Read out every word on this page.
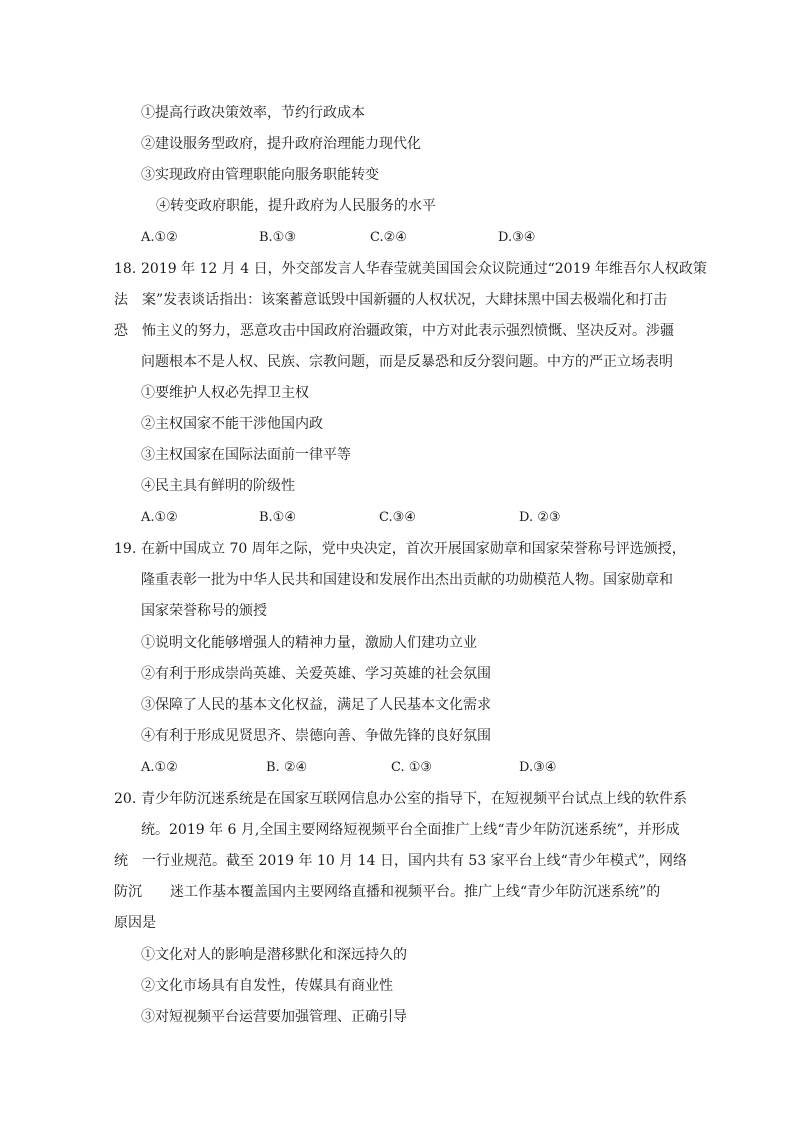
①提高行政决策效率，节约行政成本
②建设服务型政府，提升政府治理能力现代化
③实现政府由管理职能向服务职能转变
④转变政府职能，提升政府为人民服务的水平
A.①②	B.①③	C.②④	D.③④
18. 2019 年 12 月 4 日，外交部发言人华春莹就美国国会众议院通过“2019 年维吾尔人权政策
法　案”发表谈话指出：该案蓄意诋毁中国新疆的人权状况，大肆抹黑中国去极端化和打击
恐　怖主义的努力，恶意攻击中国政府治疆政策，中方对此表示强烈愤慨、坚决反对。涉疆
问题根本不是人权、民族、宗教问题，而是反暴恐和反分裂问题。中方的严正立场表明
①要维护人权必先捍卫主权
②主权国家不能干涉他国内政
③主权国家在国际法面前一律平等
④民主具有鲜明的阶级性
A.①②	B.①④	C.③④	D. ②③
19. 在新中国成立 70 周年之际，党中央决定，首次开展国家勋章和国家荣誉称号评选颁授，
隆重表彰一批为中华人民共和国建设和发展作出杰出贡献的功勋模范人物。国家勋章和
国家荣誉称号的颁授
①说明文化能够增强人的精神力量，激励人们建功立业
②有利于形成崇尚英雄、关爱英雄、学习英雄的社会氛围
③保障了人民的基本文化权益，满足了人民基本文化需求
④有利于形成见贤思齐、崇德向善、争做先锋的良好氛围
A.①②	B. ②④	C. ①③	D.③④
20. 青少年防沉迷系统是在国家互联网信息办公室的指导下，在短视频平台试点上线的软件系
统。2019 年 6 月,全国主要网络短视频平台全面推广上线“青少年防沉迷系统”，并形成
统　一行业规范。截至 2019 年 10 月 14 日，国内共有 53 家平台上线“青少年模式”，网络
防沉　　迷工作基本覆盖国内主要网络直播和视频平台。推广上线“青少年防沉迷系统”的
原因是
①文化对人的影响是潜移默化和深远持久的
②文化市场具有自发性，传媒具有商业性
③对短视频平台运营要加强管理、正确引导
